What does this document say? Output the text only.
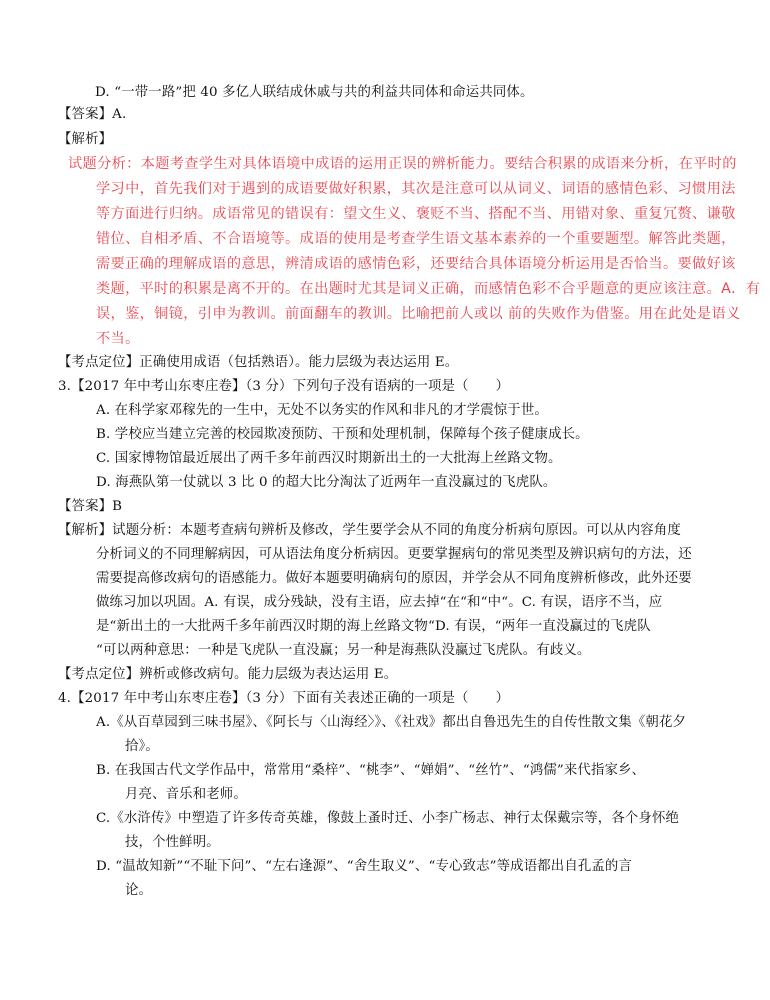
D. “一带一路”把 40 多亿人联结成休戚与共的利益共同体和命运共同体。
【答案】A.
【解析】
试题分析：本题考查学生对具体语境中成语的运用正误的辨析能力。要结合积累的成语来分析，在平时的
学习中，首先我们对于遇到的成语要做好积累，其次是注意可以从词义、词语的感情色彩、习惯用法
等方面进行归纳。成语常见的错误有：望文生义、褒贬不当、搭配不当、用错对象、重复冗赘、谦敬
错位、自相矛盾、不合语境等。成语的使用是考查学生语文基本素养的一个重要题型。解答此类题，
需要正确的理解成语的意思，辨清成语的感情色彩，还要结合具体语境分析运用是否恰当。要做好该
类题，平时的积累是离不开的。在出题时尤其是词义正确，而感情色彩不合乎题意的更应该注意。A．有
误，鉴，铜镜，引申为教训。前面翻车的教训。比喻把前人或以 前的失败作为借鉴。用在此处是语义
不当。
【考点定位】正确使用成语（包括熟语）。能力层级为表达运用 E。
3.【2017 年中考山东枣庄卷】（3 分）下列句子没有语病的一项是（　　）
A. 在科学家邓稼先的一生中，无处不以务实的作风和非凡的才学震惊于世。
B. 学校应当建立完善的校园欺凌预防、干预和处理机制，保障每个孩子健康成长。
C. 国家博物馆最近展出了两千多年前西汉时期新出土的一大批海上丝路文物。
D. 海燕队第一仗就以 3 比 0 的超大比分淘汰了近两年一直没赢过的飞虎队。
【答案】B
【解析】试题分析：本题考查病句辨析及修改，学生要学会从不同的角度分析病句原因。可以从内容角度
分析词义的不同理解病因，可从语法角度分析病因。更要掌握病句的常见类型及辨识病句的方法，还
需要提高修改病句的语感能力。做好本题要明确病句的原因，并学会从不同角度辨析修改，此外还要
做练习加以巩固。A. 有误，成分残缺，没有主语，应去掉“在“和“中“。C. 有误，语序不当，应
是“新出土的一大批两千多年前西汉时期的海上丝路文物“D. 有误，“两年一直没赢过的飞虎队
“可以两种意思：一种是飞虎队一直没赢；另一种是海燕队没赢过飞虎队。有歧义。
【考点定位】辨析或修改病句。能力层级为表达运用 E。
4.【2017 年中考山东枣庄卷】（3 分）下面有关表述正确的一项是（　　）
A.《从百草园到三味书屋》、《阿长与〈山海经〉》、《社戏》都出自鲁迅先生的自传性散文集《朝花夕
拾》。
B. 在我国古代文学作品中，常常用“桑梓”、“桃李”、“婵娟”、“丝竹”、“鸿儒”来代指家乡、
月亮、音乐和老师。
C.《水浒传》中塑造了许多传奇英雄，像鼓上蚤时迁、小李广杨志、神行太保戴宗等，各个身怀绝
技，个性鲜明。
D. “温故知新”“不耻下问”、“左右逢源”、“舍生取义”、“专心致志”等成语都出自孔孟的言
论。
